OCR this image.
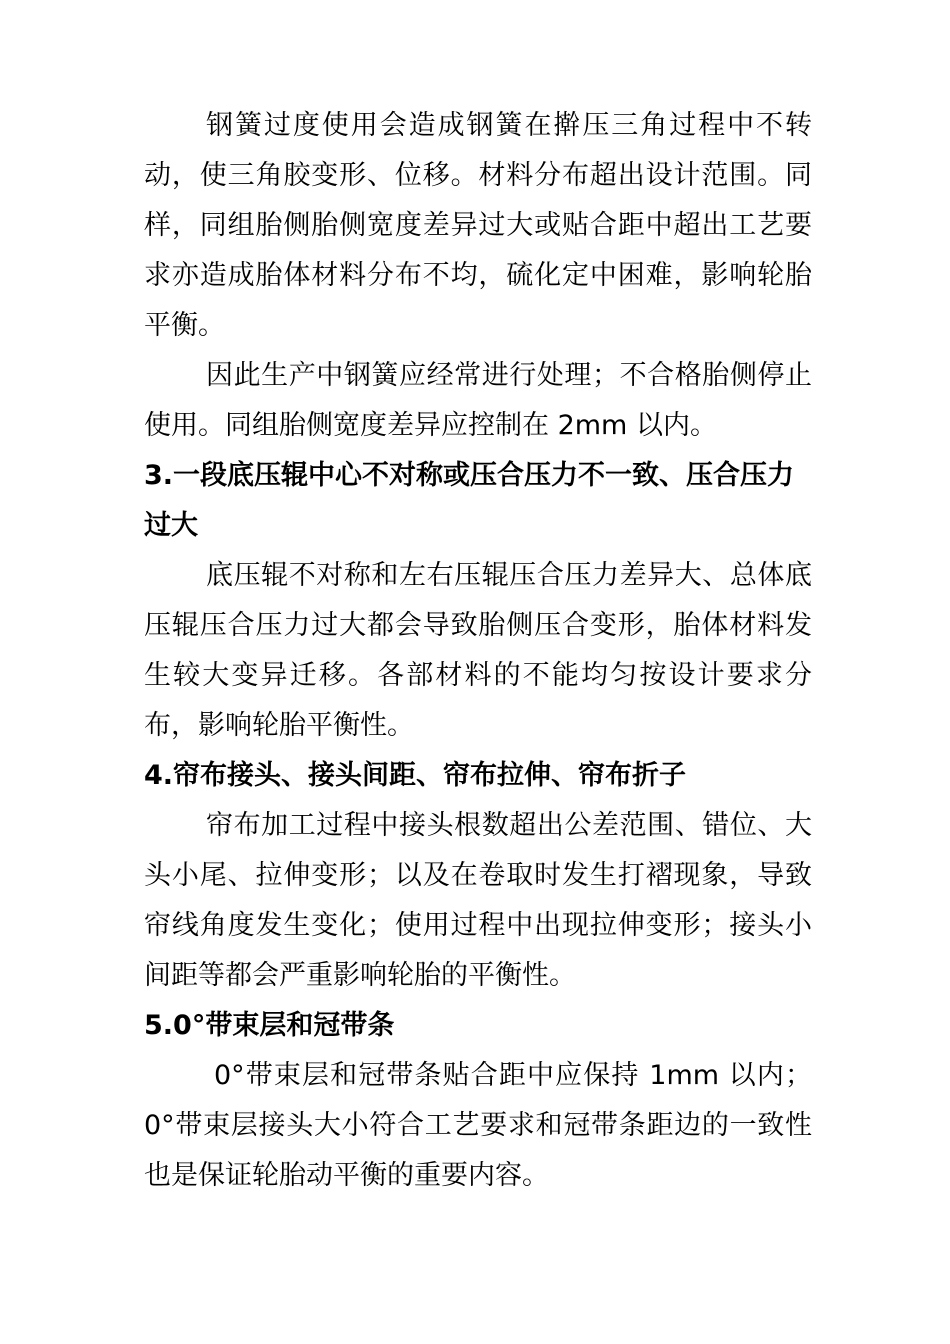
钢簧过度使用会造成钢簧在擀压三角过程中不转动，使三角胶变形、位移。材料分布超出设计范围。同样，同组胎侧胎侧宽度差异过大或贴合距中超出工艺要求亦造成胎体材料分布不均，硫化定中困难，影响轮胎平衡。

因此生产中钢簧应经常进行处理；不合格胎侧停止使用。同组胎侧宽度差异应控制在 2mm 以内。

3.一段底压辊中心不对称或压合压力不一致、压合压力过大

底压辊不对称和左右压辊压合压力差异大、总体底压辊压合压力过大都会导致胎侧压合变形，胎体材料发生较大变异迁移。各部材料的不能均匀按设计要求分布，影响轮胎平衡性。

4.帘布接头、接头间距、帘布拉伸、帘布折子

帘布加工过程中接头根数超出公差范围、错位、大头小尾、拉伸变形；以及在卷取时发生打褶现象，导致帘线角度发生变化；使用过程中出现拉伸变形；接头小间距等都会严重影响轮胎的平衡性。

5.0°带束层和冠带条

0°带束层和冠带条贴合距中应保持 1mm 以内；0°带束层接头大小符合工艺要求和冠带条距边的一致性也是保证轮胎动平衡的重要内容。
